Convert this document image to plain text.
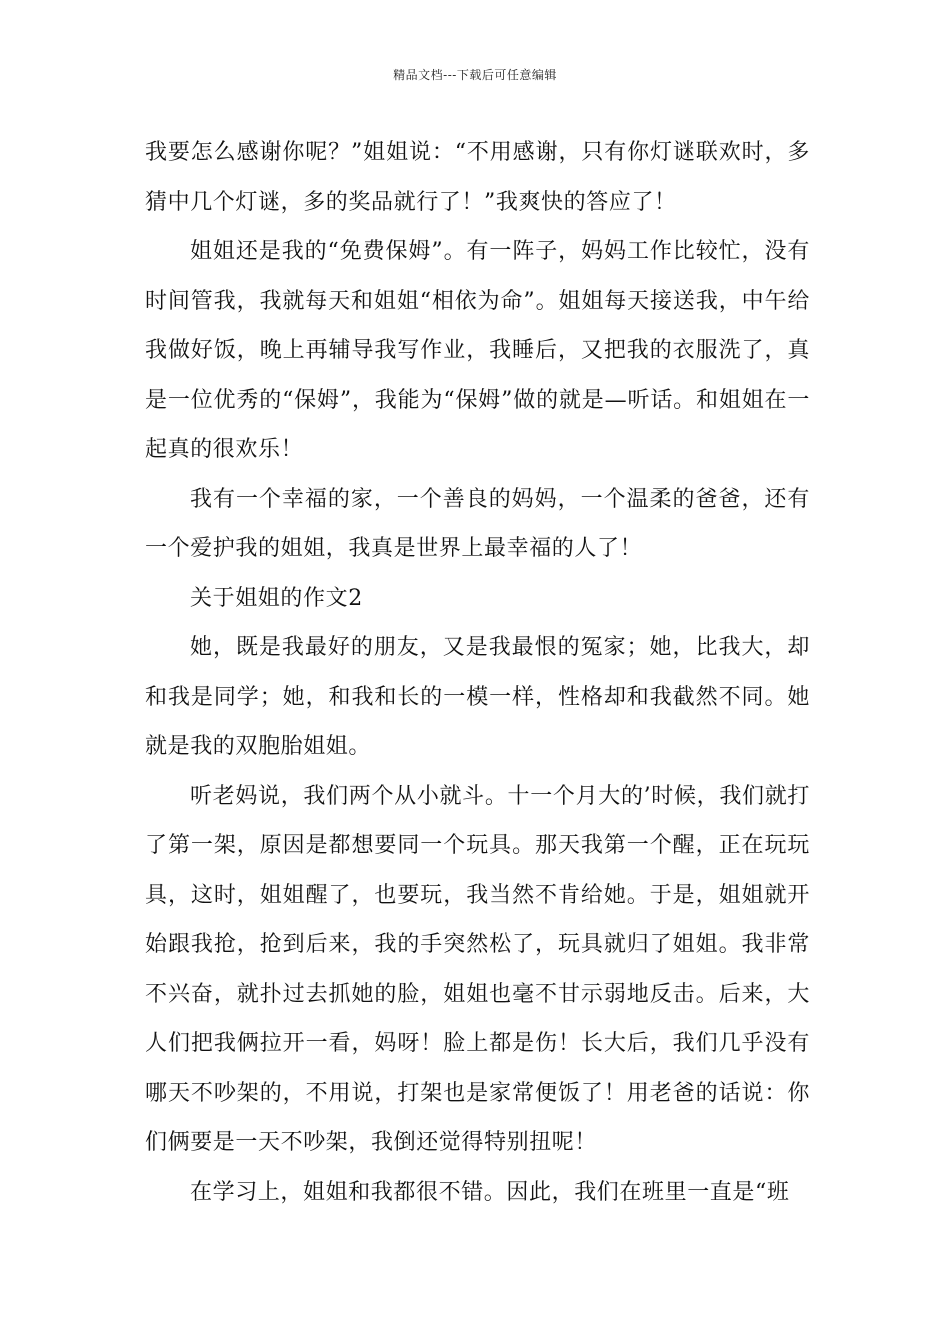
精品文档---下载后可任意编辑

我要怎么感谢你呢？”姐姐说：“不用感谢，只有你灯谜联欢时，多猜中几个灯谜，多的奖品就行了！”我爽快的答应了！

姐姐还是我的“免费保姆”。有一阵子，妈妈工作比较忙，没有时间管我，我就每天和姐姐“相依为命”。姐姐每天接送我，中午给我做好饭，晚上再辅导我写作业，我睡后，又把我的衣服洗了，真是一位优秀的“保姆”，我能为“保姆”做的就是—听话。和姐姐在一起真的很欢乐！

我有一个幸福的家，一个善良的妈妈，一个温柔的爸爸，还有一个爱护我的姐姐，我真是世界上最幸福的人了！

关于姐姐的作文2

她，既是我最好的朋友，又是我最恨的冤家；她，比我大，却和我是同学；她，和我和长的一模一样，性格却和我截然不同。她就是我的双胞胎姐姐。

听老妈说，我们两个从小就斗。十一个月大的’时候，我们就打了第一架，原因是都想要同一个玩具。那天我第一个醒，正在玩玩具，这时，姐姐醒了，也要玩，我当然不肯给她。于是，姐姐就开始跟我抢，抢到后来，我的手突然松了，玩具就归了姐姐。我非常不兴奋，就扑过去抓她的脸，姐姐也毫不甘示弱地反击。后来，大人们把我俩拉开一看，妈呀！脸上都是伤！长大后，我们几乎没有哪天不吵架的，不用说，打架也是家常便饭了！用老爸的话说：你们俩要是一天不吵架，我倒还觉得特别扭呢！

在学习上，姐姐和我都很不错。因此，我们在班里一直是“班
